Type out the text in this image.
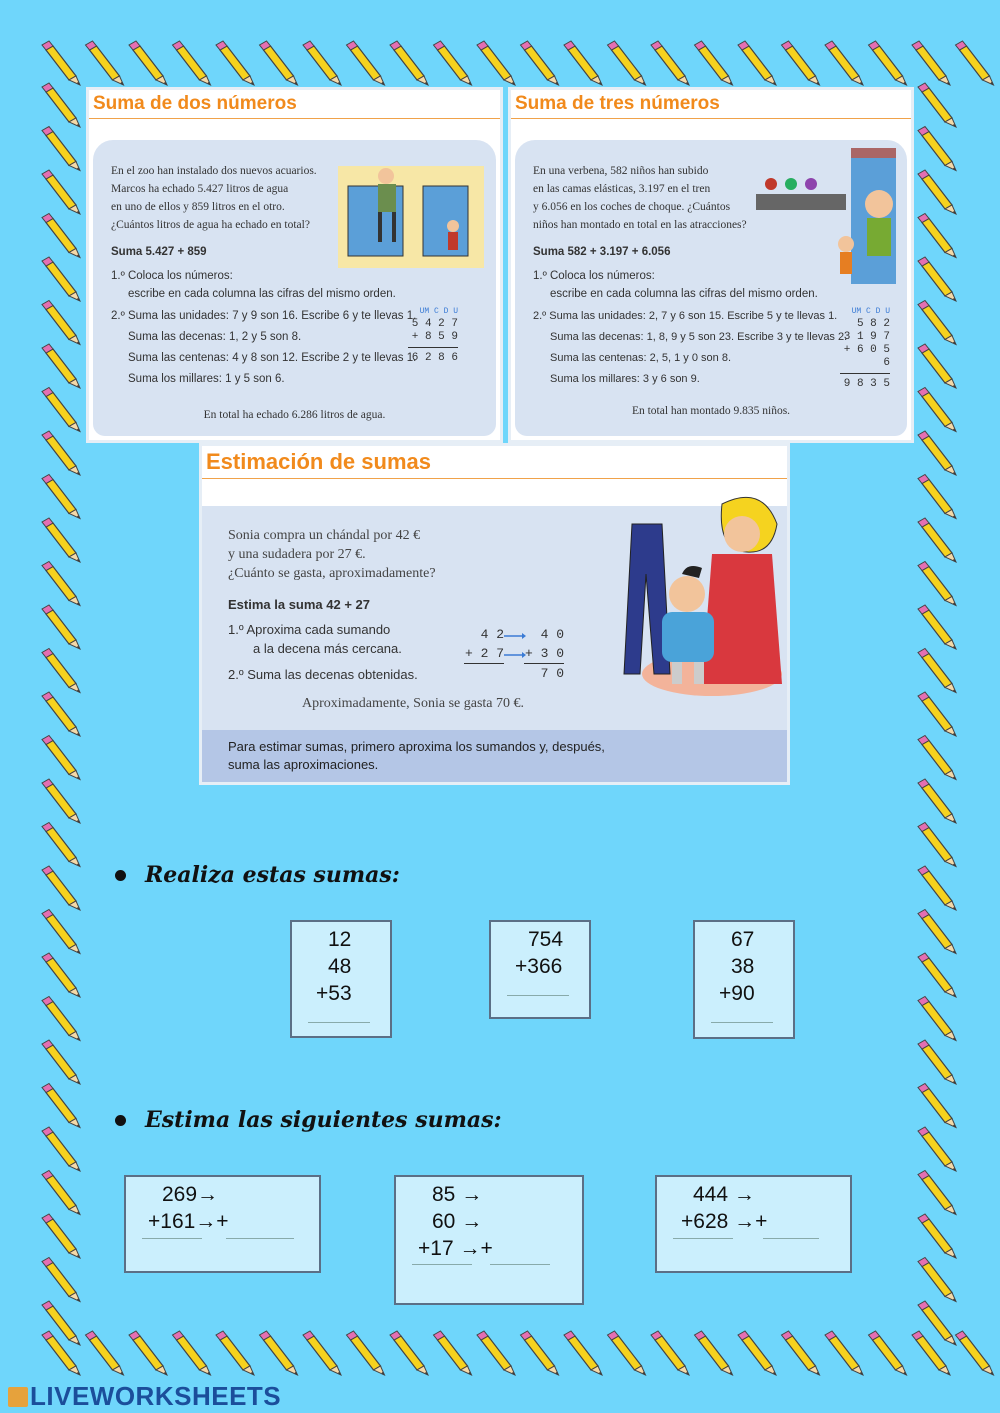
Suma de dos números
En el zoo han instalado dos nuevos acuarios.
Marcos ha echado 5.427 litros de agua
en uno de ellos y 859 litros en el otro.
¿Cuántos litros de agua ha echado en total?
Suma 5.427 + 859
1.º Coloca los números:
escribe en cada columna las cifras del mismo orden.
2.º Suma las unidades: 7 y 9 son 16. Escribe 6 y te llevas 1.
Suma las decenas: 1, 2 y 5 son 8.
Suma las centenas: 4 y 8 son 12. Escribe 2 y te llevas 1.
Suma los millares: 1 y 5 son 6.
UM C D U
5 4 2 7
+ 8 5 9
6 2 8 6
En total ha echado 6.286 litros de agua.
Suma de tres números
En una verbena, 582 niños han subido
en las camas elásticas, 3.197 en el tren
y 6.056 en los coches de choque. ¿Cuántos
niños han montado en total en las atracciones?
Suma 582 + 3.197 + 6.056
1.º Coloca los números:
escribe en cada columna las cifras del mismo orden.
2.º Suma las unidades: 2, 7 y 6 son 15. Escribe 5 y te llevas 1.
Suma las decenas: 1, 8, 9 y 5 son 23. Escribe 3 y te llevas 2.
Suma las centenas: 2, 5, 1 y 0 son 8.
Suma los millares: 3 y 6 son 9.
UM C D U
5 8 2
3 1 9 7
+ 6 0 5 6
9 8 3 5
En total han montado 9.835 niños.
Estimación de sumas
Sonia compra un chándal por 42 €
y una sudadera por 27 €.
¿Cuánto se gasta, aproximadamente?
Estima la suma 42 + 27
1.º Aproxima cada sumando
a la decena más cercana.
2.º Suma las decenas obtenidas.
4 2
+ 2 7
4 0
+ 3 0
7 0
Aproximadamente, Sonia se gasta 70 €.
Para estimar sumas, primero aproxima los sumandos y, después,
suma las aproximaciones.
Realiza estas sumas:
12
48
+53
754
+366
67
38
+90
Estima las siguientes sumas:
269→
+161→+
85 →
60 →
+17 →+
444 →
+628 →+
LIVEWORKSHEETS
